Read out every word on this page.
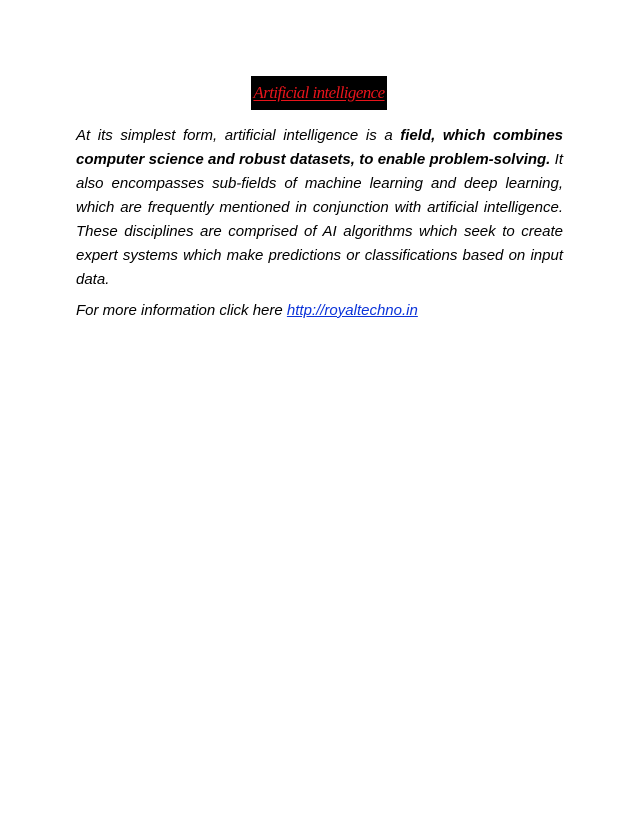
Artificial intelligence

At its simplest form, artificial intelligence is a field, which combines computer science and robust datasets, to enable problem-solving. It also encompasses sub-fields of machine learning and deep learning, which are frequently mentioned in conjunction with artificial intelligence. These disciplines are comprised of AI algorithms which seek to create expert systems which make predictions or classifications based on input data.

For more information click here http://royaltechno.in
